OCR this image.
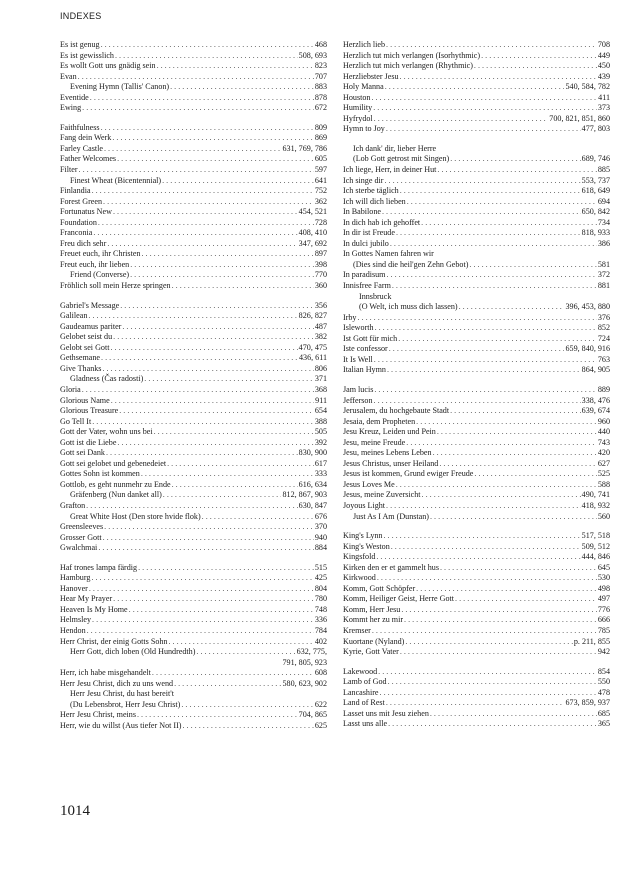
INDEXES
Es ist genug . . .	468
Es ist gewisslich . . .	508, 693
Es wollt Gott uns gnädig sein . . .	823
Evan . . .	707
Evening Hymn (Tallis' Canon) . . .	883
Eventide . . .	878
Ewing . . .	672
Faithfulness . . .	809
Fang dein Werk . . .	869
Farley Castle . . .	631, 769, 786
Father Welcomes . . .	605
Filter . . .	597
Finest Wheat (Bicentennial) . . .	641
Finlandia . . .	752
Forest Green . . .	362
Fortunatus New . . .	454, 521
Foundation . . .	728
Franconia . . .	408, 410
Freu dich sehr . . .	347, 692
Freuet euch, ihr Christen . . .	897
Freut euch, ihr lieben . . .	398
Friend (Converse) . . .	770
Fröhlich soll mein Herze springen . . .	360
Gabriel's Message . . .	356
Galilean . . .	826, 827
Gaudeamus pariter . . .	487
Gelobet seist du . . .	382
Gelobt sei Gott . . .	470, 475
Gethsemane . . .	436, 611
Give Thanks . . .	806
Gladness (Čas radosti) . . .	371
Gloria . . .	368
Glorious Name . . .	911
Glorious Treasure . . .	654
Go Tell It . . .	388
Gott der Vater, wohn uns bei . . .	505
Gott ist die Liebe . . .	392
Gott sei Dank . . .	830, 900
Gott sei gelobet und gebenedeiet . . .	617
Gottes Sohn ist kommen . . .	333
Gottlob, es geht nunmehr zu Ende . . .	616, 634
Gräfenberg (Nun danket all) . . .	812, 867, 903
Grafton . . .	630, 847
Great White Host (Den store hvide flok) . . .	676
Greensleeves . . .	370
Grosser Gott . . .	940
Gwalchmai . . .	884
Haf trones lampa färdig . . .	515
Hamburg . . .	425
Hanover . . .	804
Hear My Prayer . . .	780
Heaven Is My Home . . .	748
Helmsley . . .	336
Hendon . . .	784
Herr Christ, der einig Gotts Sohn . . .	402
Herr Gott, dich loben (Old Hundredth) . . .	632, 775,
791, 805, 923
Herr, ich habe misgehandelt . . .	608
Herr Jesu Christ, dich zu uns wend . . .	580, 623, 902
Herr Jesu Christ, du hast bereit't
(Du Lebensbrot, Herr Jesu Christ) . . .	622
Herr Jesu Christ, meins . . .	704, 865
Herr, wie du willst (Aus tiefer Not II) . . .	625
Herzlich lieb . . .	708
Herzlich tut mich verlangen (Isorhythmic) . . .	449
Herzlich tut mich verlangen (Rhythmic) . . .	450
Herzliebster Jesu . . .	439
Holy Manna . . .	540, 584, 782
Houston . . .	411
Humility . . .	373
Hyfrydol . . .	700, 821, 851, 860
Hymn to Joy . . .	477, 803
Ich dank' dir, lieber Herre
(Lob Gott getrost mit Singen) . . .	689, 746
Ich liege, Herr, in deiner Hut . . .	885
Ich singe dir . . .	553, 737
Ich sterbe täglich . . .	618, 649
Ich will dich lieben . . .	694
In Babilone . . .	650, 842
In dich hab ich gehoffet . . .	734
In dir ist Freude . . .	818, 933
In dulci jubilo . . .	386
In Gottes Namen fahren wir
(Dies sind die heil'gen Zehn Gebot) . . .	581
In paradisum . . .	372
Innisfree Farm . . .	881
Innsbruck
(O Welt, ich muss dich lassen) . . .	396, 453, 880
Irby . . .	376
Isleworth . . .	852
Ist Gott für mich . . .	724
Iste confessor . . .	659, 840, 916
It Is Well . . .	763
Italian Hymn . . .	864, 905
Jam lucis . . .	889
Jefferson . . .	338, 476
Jerusalem, du hochgebaute Stadt . . .	639, 674
Jesaia, dem Propheten . . .	960
Jesu Kreuz, Leiden und Pein . . .	440
Jesu, meine Freude . . .	743
Jesu, meines Lebens Leben . . .	420
Jesus Christus, unser Heiland . . .	627
Jesus ist kommen, Grund ewiger Freude . . .	525
Jesus Loves Me . . .	588
Jesus, meine Zuversicht . . .	490, 741
Joyous Light . . .	418, 932
Just As I Am (Dunstan) . . .	560
King's Lynn . . .	517, 518
King's Weston . . .	509, 512
Kingsfold . . .	444, 846
Kirken den er et gammelt hus . . .	645
Kirkwood . . .	530
Komm, Gott Schöpfer . . .	498
Komm, Heiliger Geist, Herre Gott . . .	497
Komm, Herr Jesu . . .	776
Kommt her zu mir . . .	666
Kremser . . .	785
Kuortane (Nyland) . . .	p. 211, 855
Kyrie, Gott Vater . . .	942
Lakewood . . .	854
Lamb of God . . .	550
Lancashire . . .	478
Land of Rest . . .	673, 859, 937
Lasset uns mit Jesu ziehen . . .	685
Lasst uns alle . . .	365
1014
